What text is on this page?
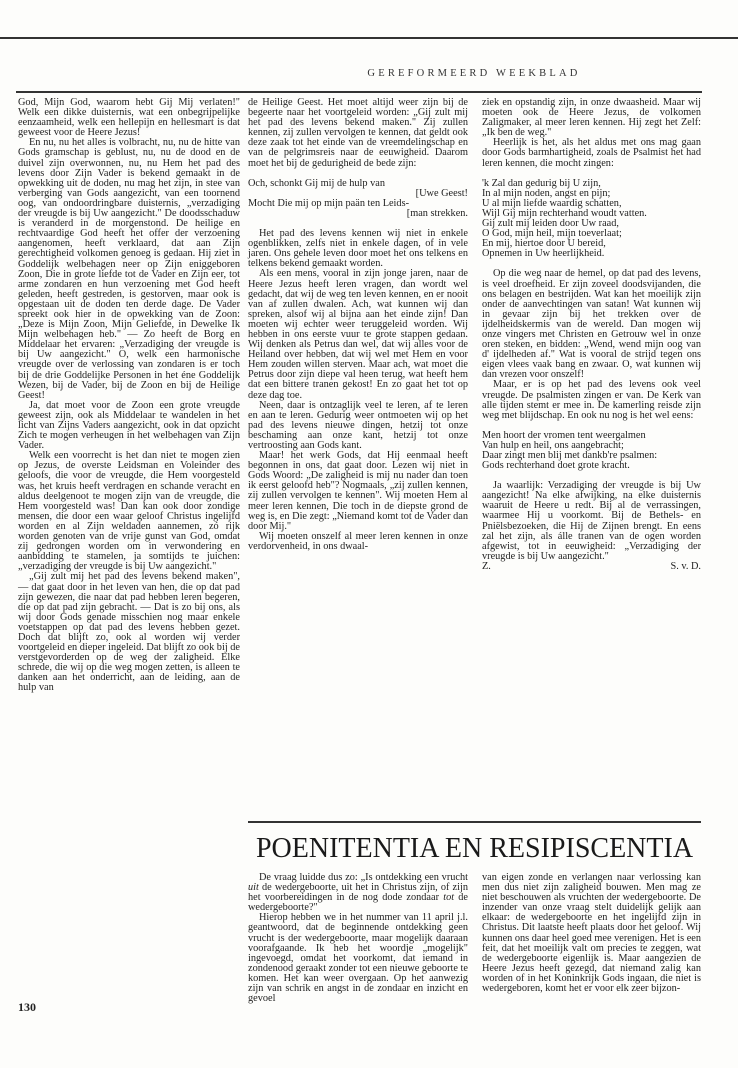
GEREFORMEERD WEEKBLAD

God, Mijn God, waarom hebt Gij Mij verlaten!" Welk een dikke duisternis, wat een onbegrijpelijke eenzaamheid, welk een hellepijn en hellesmart is dat geweest voor de Heere Jezus!

En nu, nu het alles is volbracht, nu, nu de hitte van Gods gramschap is geblust, nu, nu de dood en de duivel zijn overwonnen, nu, nu Hem het pad des levens door Zijn Vader is bekend gemaakt in de opwekking uit de doden, nu mag het zijn, in stee van verberging van Gods aangezicht, van een toornend oog, van ondoordringbare duisternis, „verzadiging der vreugde is bij Uw aangezicht." De doodsschaduw is veranderd in de morgenstond. De heilige en rechtvaardige God heeft het offer der verzoening aangenomen, heeft verklaard, dat aan Zijn gerechtigheid volkomen genoeg is gedaan. Hij ziet in Goddelijk welbehagen neer op Zijn eniggeboren Zoon, Die in grote liefde tot de Vader en Zijn eer, tot arme zondaren en hun verzoening met God heeft geleden, heeft gestreden, is gestorven, maar ook is opgestaan uit de doden ten derde dage. De Vader spreekt ook hier in de opwekking van de Zoon: „Deze is Mijn Zoon, Mijn Geliefde, in Dewelke Ik Mijn welbehagen heb." — Zo heeft de Borg en Middelaar het ervaren: „Verzadiging der vreugde is bij Uw aangezicht." O, welk een harmonische vreugde over de verlossing van zondaren is er toch bij de drie Goddelijke Personen in het éne Goddelijk Wezen, bij de Vader, bij de Zoon en bij de Heilige Geest!

Ja, dat moet voor de Zoon een grote vreugde geweest zijn, ook als Middelaar te wandelen in het licht van Zijns Vaders aangezicht, ook in dat opzicht Zich te mogen verheugen in het welbehagen van Zijn Vader.

Welk een voorrecht is het dan niet te mogen zien op Jezus, de overste Leidsman en Voleinder des geloofs, die voor de vreugde, die Hem voorgesteld was, het kruis heeft verdragen en schande veracht en aldus deelgenoot te mogen zijn van de vreugde, die Hem voorgesteld was! Dan kan ook door zondige mensen, die door een waar geloof Christus ingelijfd worden en al Zijn weldaden aannemen, zó rijk worden genoten van de vrije gunst van God, omdat zij gedrongen worden om in verwondering en aanbidding te stamelen, ja somtijds te juichen: „verzadiging der vreugde is bij Uw aangezicht."

„Gij zult mij het pad des levens bekend maken", — dat gaat door in het leven van hen, die op dat pad zijn gewezen, die naar dat pad hebben leren begeren, die op dat pad zijn gebracht. — Dat is zo bij ons, als wij door Gods genade misschien nog maar enkele voetstappen op dat pad des levens hebben gezet. Doch dat blijft zo, ook al worden wij verder voortgeleid en dieper ingeleid. Dat blijft zo ook bij de verstgevorderden op de weg der zaligheid. Elke schrede, die wij op die weg mogen zetten, is alleen te danken aan het onderricht, aan de leiding, aan de hulp van

de Heilige Geest. Het moet altijd weer zijn bij de begeerte naar het voortgeleid worden: „Gij zult mij het pad des levens bekend maken." Zij zullen kennen, zij zullen vervolgen te kennen, dat geldt ook deze zaak tot het einde van de vreemdelingschap en van de pelgrimsreis naar de eeuwigheid. Daarom moet het bij de gedurigheid de bede zijn:

Och, schonkt Gij mij de hulp van
[Uwe Geest!
Mocht Die mij op mijn paän ten Leids-
[man strekken.

Het pad des levens kennen wij niet in enkele ogenblikken, zelfs niet in enkele dagen, of in vele jaren. Ons gehele leven door moet het ons telkens en telkens bekend gemaakt worden.

Als een mens, vooral in zijn jonge jaren, naar de Heere Jezus heeft leren vragen, dan wordt wel gedacht, dat wij de weg ten leven kennen, en er nooit van af zullen dwalen. Ach, wat kunnen wij dan spreken, alsof wij al bijna aan het einde zijn! Dan moeten wij echter weer teruggeleid worden. Wij hebben in ons eerste vuur te grote stappen gedaan. Wij denken als Petrus dan wel, dat wij alles voor de Heiland over hebben, dat wij wel met Hem en voor Hem zouden willen sterven. Maar ach, wat moet die Petrus door zijn diepe val heen terug, wat heeft hem dat een bittere tranen gekost! En zo gaat het tot op deze dag toe.

Neen, daar is ontzaglijk veel te leren, af te leren en aan te leren. Gedurig weer ontmoeten wij op het pad des levens nieuwe dingen, hetzij tot onze beschaming aan onze kant, hetzij tot onze vertroosting aan Gods kant.

Maar! het werk Gods, dat Hij eenmaal heeft begonnen in ons, dat gaat door. Lezen wij niet in Gods Woord: „De zaligheid is mij nu nader dan toen ik eerst geloofd heb"? Nogmaals, „zij zullen kennen, zij zullen vervolgen te kennen". Wij moeten Hem al meer leren kennen, Die toch in de diepste grond de weg is, en Die zegt: „Niemand komt tot de Vader dan door Mij."

Wij moeten onszelf al meer leren kennen in onze verdorvenheid, in ons dwaal-

ziek en opstandig zijn, in onze dwaasheid. Maar wij moeten ook de Heere Jezus, de volkomen Zaligmaker, al meer leren kennen. Hij zegt het Zelf: „Ik ben de weg."

Heerlijk is het, als het aldus met ons mag gaan door Gods barmhartigheid, zoals de Psalmist het had leren kennen, die mocht zingen:

'k Zal dan gedurig bij U zijn,
In al mijn noden, angst en pijn;
U al mijn liefde waardig schatten,
Wijl Gij mijn rechterhand woudt vatten.
Gij zult mij leiden door Uw raad,
O God, mijn heil, mijn toeverlaat;
En mij, hiertoe door U bereid,
Opnemen in Uw heerlijkheid.

Op die weg naar de hemel, op dat pad des levens, is veel droefheid. Er zijn zoveel doodsvijanden, die ons belagen en bestrijden. Wat kan het moeilijk zijn onder de aanvechtingen van satan! Wat kunnen wij in gevaar zijn bij het trekken over de ijdelheidskermis van de wereld. Dan mogen wij onze vingers met Christen en Getrouw wel in onze oren steken, en bidden: „Wend, wend mijn oog van d' ijdelheden af." Wat is vooral de strijd tegen ons eigen vlees vaak bang en zwaar. O, wat kunnen wij dan vrezen voor onszelf!

Maar, er is op het pad des levens ook veel vreugde. De psalmisten zingen er van. De Kerk van alle tijden stemt er mee in. De kamerling reisde zijn weg met blijdschap. En ook nu nog is het wel eens:

Men hoort der vromen tent weergalmen
Van hulp en heil, ons aangebracht;
Daar zingt men blij met dankb're psalmen:
Gods rechterhand doet grote kracht.

Ja waarlijk: Verzadiging der vreugde is bij Uw aangezicht! Na elke afwijking, na elke duisternis waaruit de Heere u redt. Bij al de verrassingen, waarmee Hij u voorkomt. Bij de Bethels- en Pniëlsbezoeken, die Hij de Zijnen brengt. En eens zal het zijn, als álle tranen van de ogen worden afgewist, tot in eeuwigheid: „Verzadiging der vreugde is bij Uw aangezicht."

Z.	S. v. D.
POENITENTIA EN RESIPISCENTIA

De vraag luidde dus zo: „Is ontdekking een vrucht uit de wedergeboorte, uit het in Christus zijn, of zijn het voorbereidingen in de nog dode zondaar tot de wedergeboorte?"

Hierop hebben we in het nummer van 11 april j.l. geantwoord, dat de beginnende ontdekking geen vrucht is der wedergeboorte, maar mogelijk daaraan voorafgaande. Ik heb het woordje „mogelijk" ingevoegd, omdat het voorkomt, dat iemand in zondenood geraakt zonder tot een nieuwe geboorte te komen. Het kan weer overgaan. Op het aanwezig zijn van schrik en angst in de zondaar en inzicht en gevoel

van eigen zonde en verlangen naar verlossing kan men dus niet zijn zaligheid bouwen. Men mag ze niet beschouwen als vruchten der wedergeboorte. De inzender van onze vraag stelt duidelijk gelijk aan elkaar: de wedergeboorte en het ingelijfd zijn in Christus. Dit laatste heeft plaats door het geloof. Wij kunnen ons daar heel goed mee verenigen. Het is een feit, dat het moeilijk valt om precies te zeggen, wat de wedergeboorte eigenlijk is. Maar aangezien de Heere Jezus heeft gezegd, dat niemand zalig kan worden of in het Koninkrijk Gods ingaan, die niet is wedergeboren, komt het er voor elk zeer bijzon-

130
